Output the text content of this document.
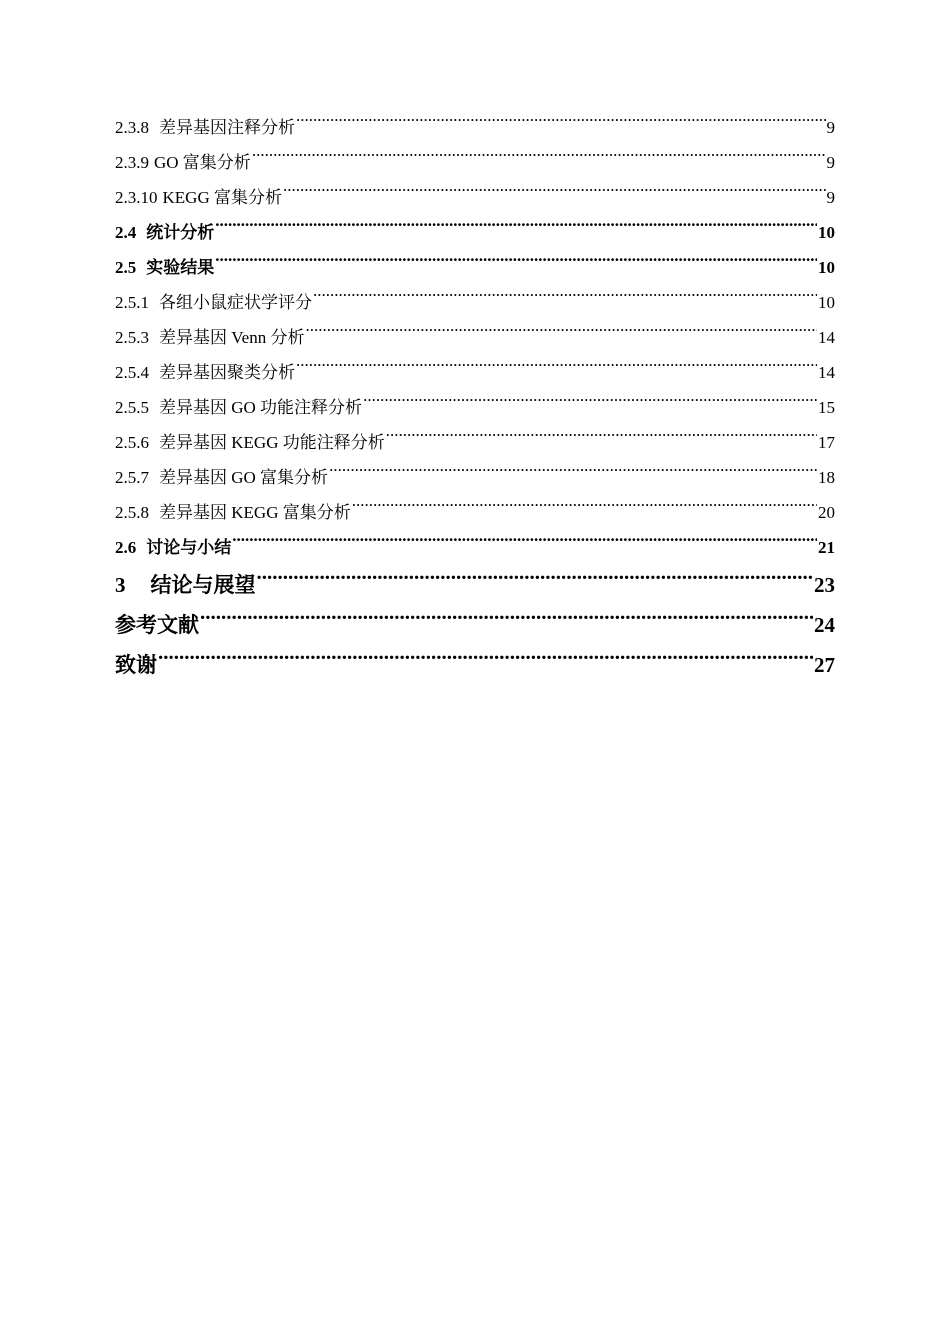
2.3.8 差异基因注释分析 .....	9
2.3.9 GO 富集分析 .....	9
2.3.10 KEGG 富集分析 .....	9
2.4 统计分析 .....	10
2.5 实验结果 .....	10
2.5.1 各组小鼠症状学评分 .....	10
2.5.3 差异基因 Venn 分析 .....	14
2.5.4 差异基因聚类分析 .....	14
2.5.5 差异基因 GO 功能注释分析 .....	15
2.5.6 差异基因 KEGG 功能注释分析 .....	17
2.5.7 差异基因 GO 富集分析 .....	18
2.5.8 差异基因 KEGG 富集分析 .....	20
2.6 讨论与小结 .....	21
3 结论与展望 .....	23
参考文献 .....	24
致谢 .....	27
